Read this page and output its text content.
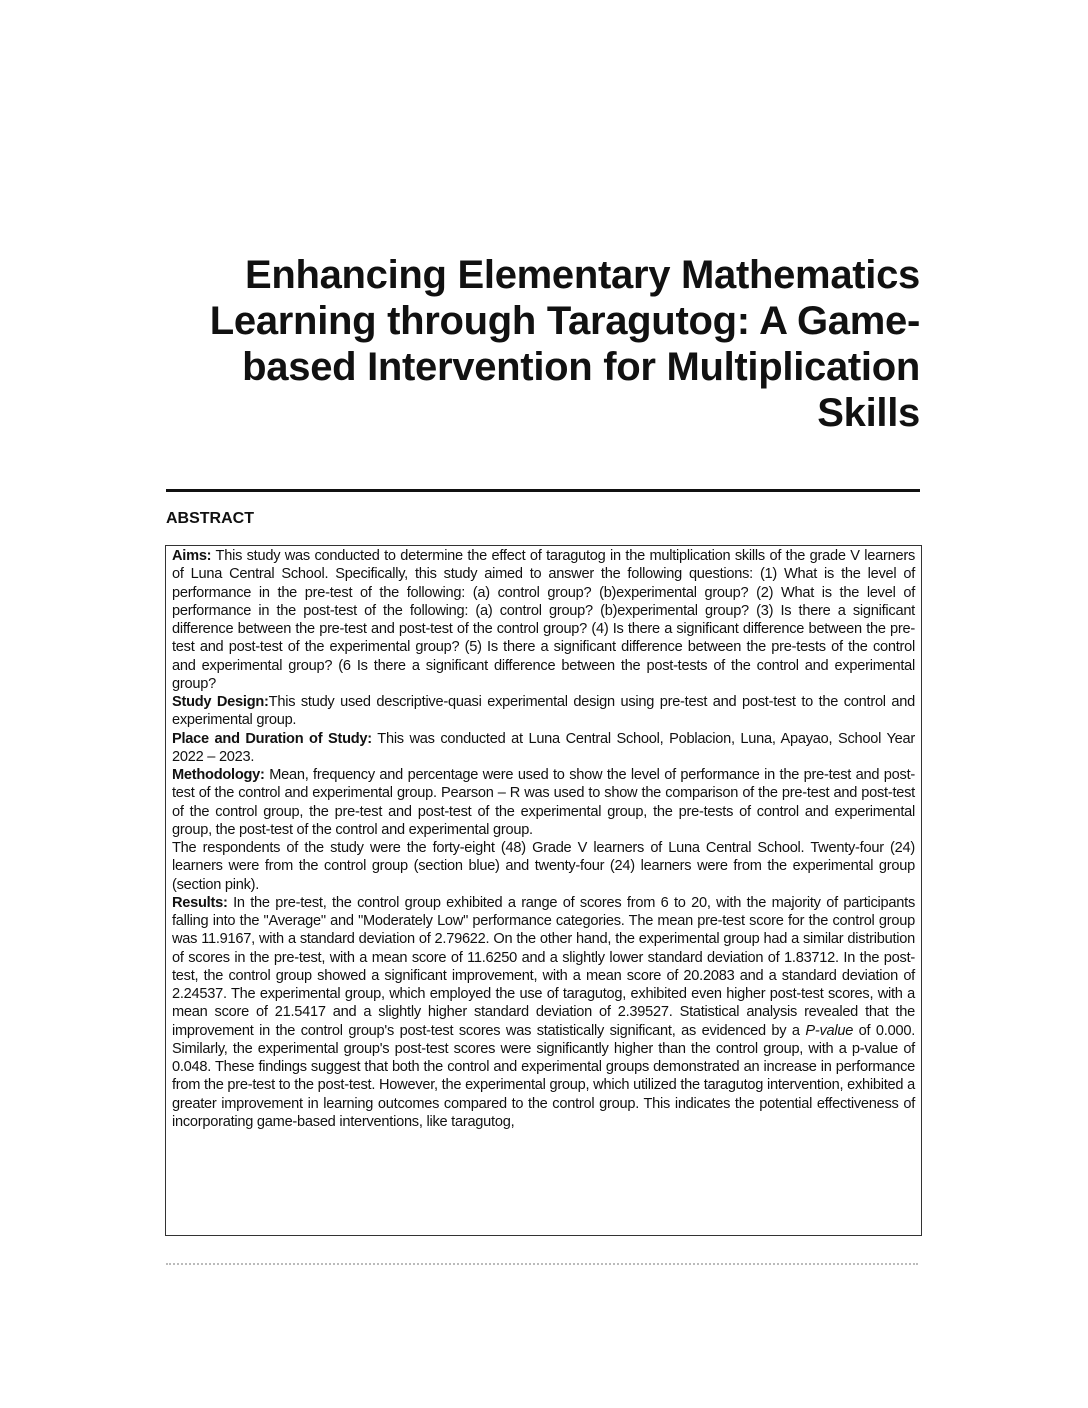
Enhancing Elementary Mathematics Learning through Taragutog: A Game-based Intervention for Multiplication Skills
ABSTRACT

Aims: This study was conducted to determine the effect of taragutog in the multiplication skills of the grade V learners of Luna Central School. Specifically, this study aimed to answer the following questions: (1) What is the level of performance in the pre-test of the following: (a) control group? (b)experimental group? (2) What is the level of performance in the post-test of the following: (a) control group? (b)experimental group? (3) Is there a significant difference between the pre-test and post-test of the control group? (4) Is there a significant difference between the pre-test and post-test of the experimental group? (5) Is there a significant difference between the pre-tests of the control and experimental group? (6 Is there a significant difference between the post-tests of the control and experimental group?

Study Design:This study used descriptive-quasi experimental design using pre-test and post-test to the control and experimental group.

Place and Duration of Study: This was conducted at Luna Central School, Poblacion, Luna, Apayao, School Year 2022 – 2023.

Methodology: Mean, frequency and percentage were used to show the level of performance in the pre-test and post-test of the control and experimental group. Pearson – R was used to show the comparison of the pre-test and post-test of the control group, the pre-test and post-test of the experimental group, the pre-tests of control and experimental group, the post-test of the control and experimental group.

The respondents of the study were the forty-eight (48) Grade V learners of Luna Central School. Twenty-four (24) learners were from the control group (section blue) and twenty-four (24) learners were from the experimental group (section pink).

Results: In the pre-test, the control group exhibited a range of scores from 6 to 20, with the majority of participants falling into the "Average" and "Moderately Low" performance categories. The mean pre-test score for the control group was 11.9167, with a standard deviation of 2.79622. On the other hand, the experimental group had a similar distribution of scores in the pre-test, with a mean score of 11.6250 and a slightly lower standard deviation of 1.83712. In the post-test, the control group showed a significant improvement, with a mean score of 20.2083 and a standard deviation of 2.24537. The experimental group, which employed the use of taragutog, exhibited even higher post-test scores, with a mean score of 21.5417 and a slightly higher standard deviation of 2.39527. Statistical analysis revealed that the improvement in the control group's post-test scores was statistically significant, as evidenced by a P-value of 0.000. Similarly, the experimental group's post-test scores were significantly higher than the control group, with a p-value of 0.048. These findings suggest that both the control and experimental groups demonstrated an increase in performance from the pre-test to the post-test. However, the experimental group, which utilized the taragutog intervention, exhibited a greater improvement in learning outcomes compared to the control group. This indicates the potential effectiveness of incorporating game-based interventions, like taragutog,
